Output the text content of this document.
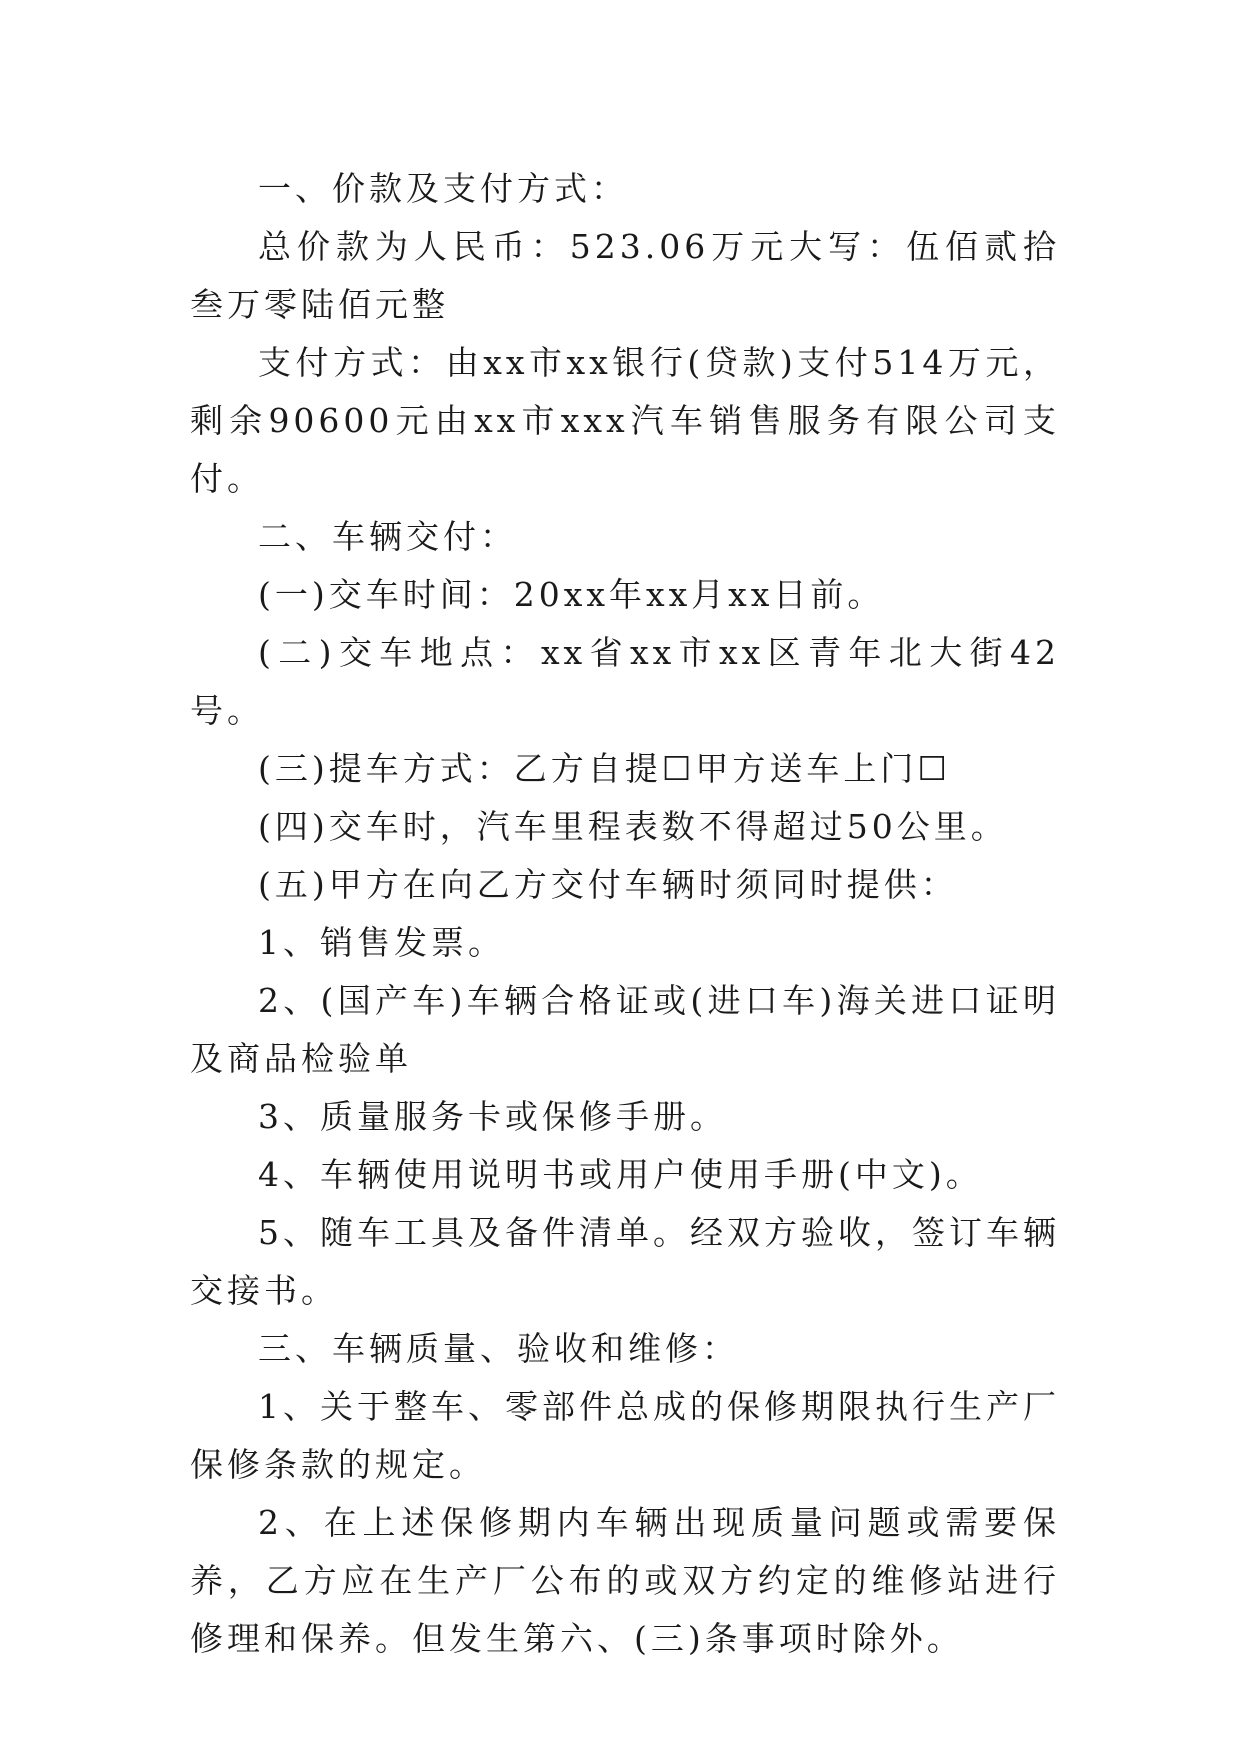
一、价款及支付方式：

总价款为人民币：523.06万元大写：伍佰贰拾叁万零陆佰元整

支付方式：由xx市xx银行(贷款)支付514万元，剩余90600元由xx市xxx汽车销售服务有限公司支付。

二、车辆交付：

(一)交车时间：20xx年xx月xx日前。

(二)交车地点：xx省xx市xx区青年北大街42号。

(三)提车方式：乙方自提☐甲方送车上门☐

(四)交车时，汽车里程表数不得超过50公里。

(五)甲方在向乙方交付车辆时须同时提供：

1、销售发票。

2、(国产车)车辆合格证或(进口车)海关进口证明及商品检验单

3、质量服务卡或保修手册。

4、车辆使用说明书或用户使用手册(中文)。

5、随车工具及备件清单。经双方验收，签订车辆交接书。

三、车辆质量、验收和维修：

1、关于整车、零部件总成的保修期限执行生产厂保修条款的规定。

2、在上述保修期内车辆出现质量问题或需要保养，乙方应在生产厂公布的或双方约定的维修站进行修理和保养。但发生第六、(三)条事项时除外。
